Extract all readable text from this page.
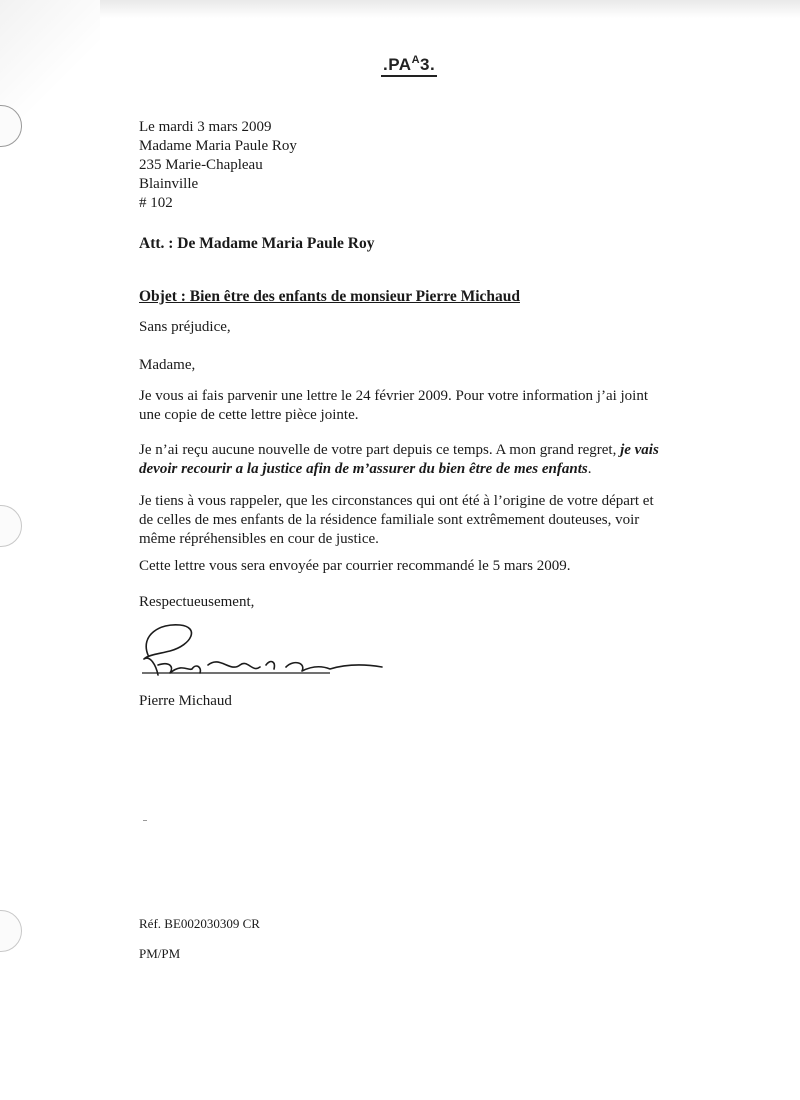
$.PA^A3$.
Le mardi 3 mars 2009
Madame Maria Paule Roy
235 Marie-Chapleau
Blainville
# 102
Att. : De Madame Maria Paule Roy
Objet : Bien être des enfants de monsieur Pierre Michaud
Sans préjudice,
Madame,
Je vous ai fais parvenir une lettre le 24 février 2009. Pour votre information j’ai joint une copie de cette lettre pièce jointe.
Je n’ai reçu aucune nouvelle de votre part depuis ce temps. A mon grand regret, je vais devoir recourir a la justice afin de m’assurer du bien être de mes enfants.
Je tiens à vous rappeler, que les circonstances qui ont été à l’origine de votre départ et de celles de mes enfants de la résidence familiale sont extrêmement douteuses, voir même répréhensibles en cour de justice.
Cette lettre vous sera envoyée par courrier recommandé le 5 mars 2009.
Respectueusement,
Pierre Michaud
Réf. BE002030309 CR
PM/PM
